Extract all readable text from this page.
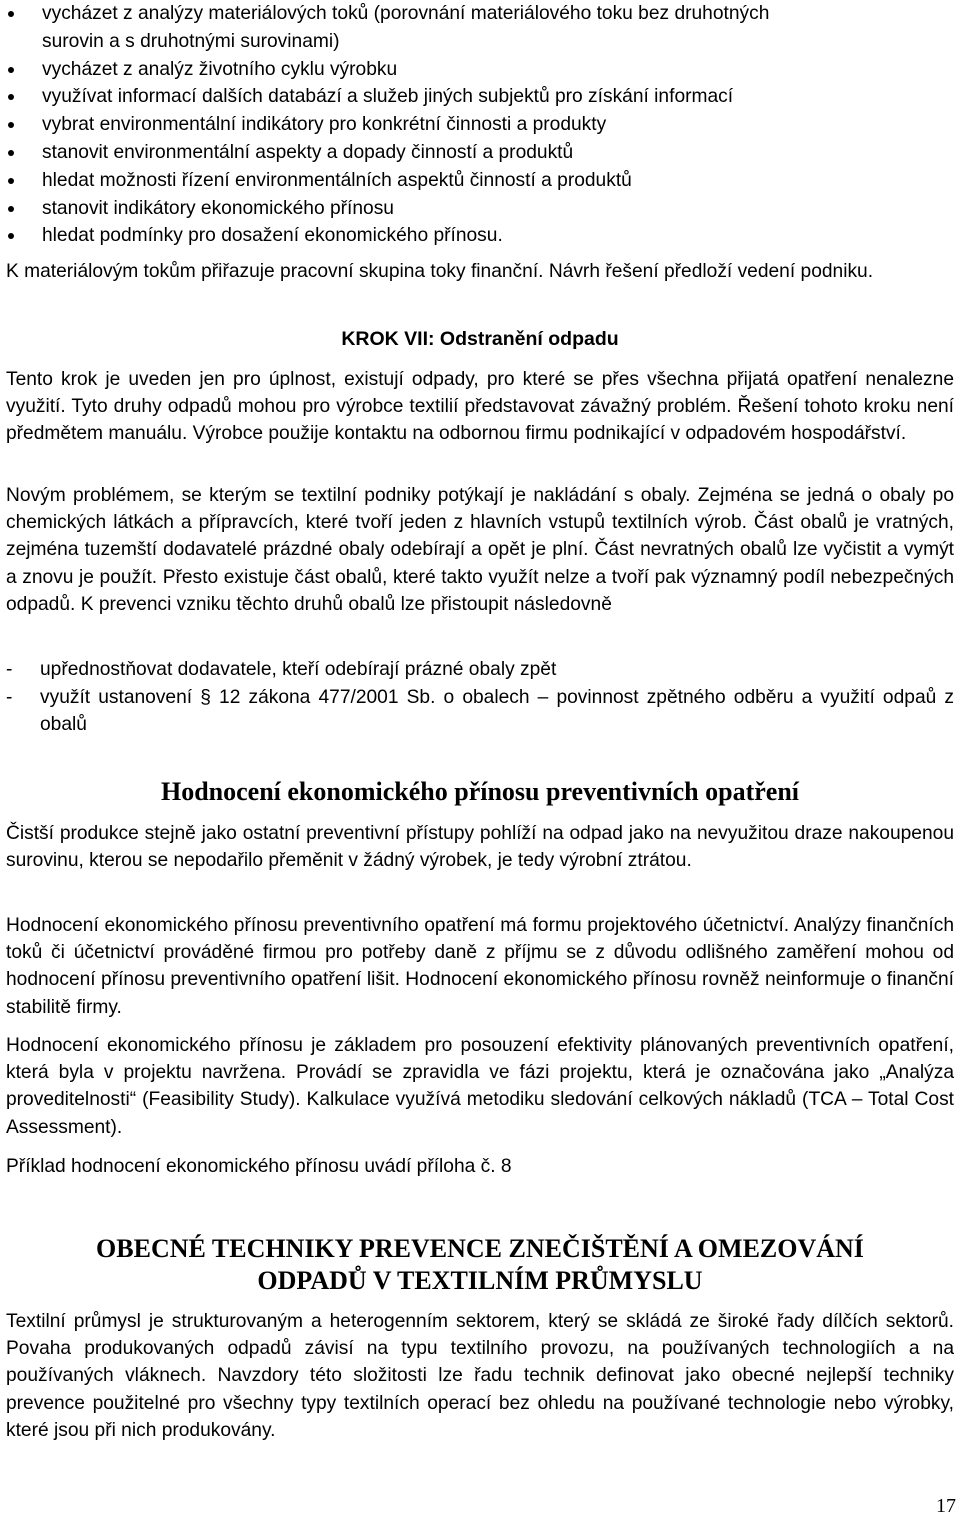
vycházet z analýzy materiálových toků (porovnání materiálového toku bez druhotných
surovin a s druhotnými surovinami)
vycházet z analýz životního cyklu výrobku
využívat informací dalších databází a služeb jiných subjektů pro získání informací
vybrat environmentální indikátory pro konkrétní činnosti a produkty
stanovit environmentální aspekty a dopady činností a produktů
hledat možnosti řízení environmentálních aspektů činností a produktů
stanovit indikátory ekonomického přínosu
hledat podmínky pro dosažení ekonomického přínosu.

K materiálovým tokům přiřazuje pracovní skupina toky finanční. Návrh řešení předloží vedení podniku.

KROK VII: Odstranění odpadu

Tento krok je uveden jen pro úplnost, existují odpady, pro které se přes všechna přijatá opatření nenalezne využití. Tyto druhy odpadů mohou pro výrobce textilií představovat závažný problém. Řešení tohoto kroku není předmětem manuálu. Výrobce použije kontaktu na odbornou firmu podnikající v odpadovém hospodářství.

Novým problémem, se kterým se textilní podniky potýkají je nakládání s obaly. Zejména se jedná o obaly po chemických látkách a přípravcích, které tvoří jeden z hlavních vstupů textilních výrob. Část obalů je vratných, zejména tuzemští dodavatelé prázdné obaly odebírají a opět je plní. Část nevratných obalů lze vyčistit a vymýt a znovu je použít. Přesto existuje část obalů, které takto využít nelze a tvoří pak významný podíl nebezpečných odpadů. K prevenci vzniku těchto druhů obalů lze přistoupit následovně

- upřednostňovat dodavatele, kteří odebírají prázné obaly zpět
- využít ustanovení § 12 zákona 477/2001 Sb. o obalech – povinnost zpětného odběru a využití odpaů z obalů
Hodnocení ekonomického přínosu preventivních opatření

Čistší produkce stejně jako ostatní preventivní přístupy pohlíží na odpad jako na nevyužitou draze nakoupenou surovinu, kterou se nepodařilo přeměnit v žádný výrobek, je tedy výrobní ztrátou.

Hodnocení ekonomického přínosu preventivního opatření má formu projektového účetnictví. Analýzy finančních toků či účetnictví prováděné firmou pro potřeby daně z příjmu se z důvodu odlišného zaměření mohou od hodnocení přínosu preventivního opatření lišit. Hodnocení ekonomického přínosu rovněž neinformuje o finanční stabilitě firmy.

Hodnocení ekonomického přínosu je základem pro posouzení efektivity plánovaných preventivních opatření, která byla v projektu navržena. Provádí se zpravidla ve fázi projektu, která je označována jako „Analýza proveditelnosti“ (Feasibility Study). Kalkulace využívá metodiku sledování celkových nákladů (TCA – Total Cost Assessment).

Příklad hodnocení ekonomického přínosu uvádí příloha č. 8

OBECNÉ TECHNIKY PREVENCE ZNEČIŠTĚNÍ A OMEZOVÁNÍ
ODPADŮ V TEXTILNÍM PRŮMYSLU

Textilní průmysl je strukturovaným a heterogenním sektorem, který se skládá ze široké řady dílčích sektorů. Povaha produkovaných odpadů závisí na typu textilního provozu, na používaných technologiích a na používaných vláknech. Navzdory této složitosti lze řadu technik definovat jako obecné nejlepší techniky prevence použitelné pro všechny typy textilních operací bez ohledu na používané technologie nebo výrobky, které jsou při nich produkovány.

17
